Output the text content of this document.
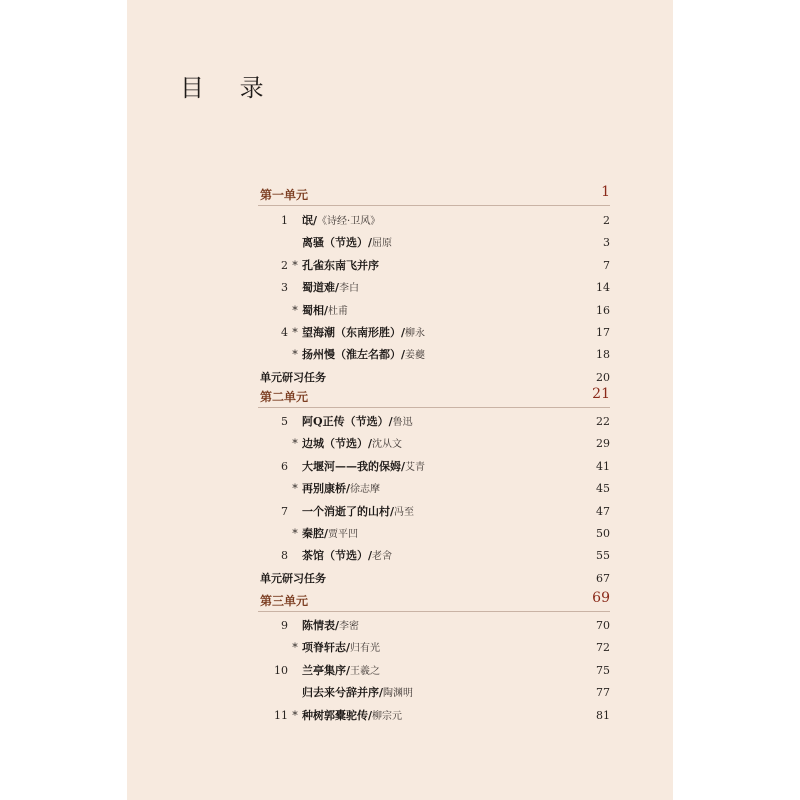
目 录
第一单元	1
1 氓/《诗经·卫风》	2
离骚（节选）/屈原	3
2 * 孔雀东南飞并序	7
3 蜀道难/李白	14
* 蜀相/杜甫	16
4 * 望海潮（东南形胜）/柳永	17
* 扬州慢（淮左名都）/姜夔	18
单元研习任务	20
第二单元	21
5 阿Q正传（节选）/鲁迅	22
* 边城（节选）/沈从文	29
6 大堰河——我的保姆/艾青	41
* 再别康桥/徐志摩	45
7 一个消逝了的山村/冯至	47
* 秦腔/贾平凹	50
8 茶馆（节选）/老舍	55
单元研习任务	67
第三单元	69
9 陈情表/李密	70
* 项脊轩志/归有光	72
10 兰亭集序/王羲之	75
归去来兮辞并序/陶渊明	77
11 * 种树郭橐驼传/柳宗元	81
